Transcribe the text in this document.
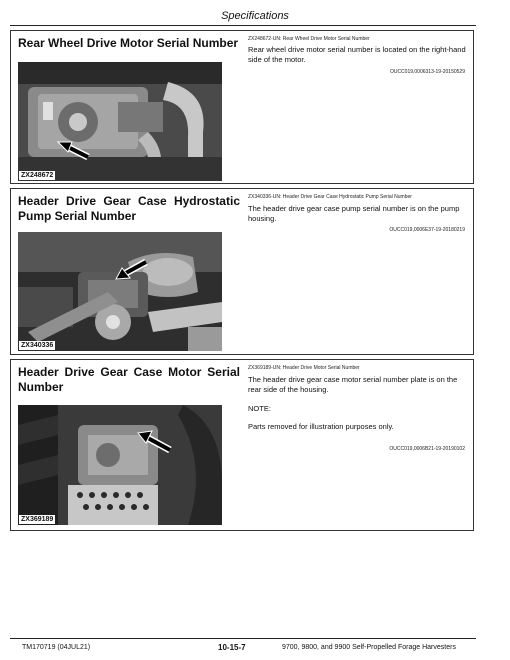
Specifications
Rear Wheel Drive Motor Serial Number
ZX248672
ZX248672-UN: Rear Wheel Drive Motor Serial Number
Rear wheel drive motor serial number is located on the right-hand side of the motor.
OUCC019,0006313-19-20150529
Header Drive Gear Case Hydrostatic Pump Serial Number
ZX340336
ZX340336-UN: Header Drive Gear Case Hydrostatic Pump Serial Number
The header drive gear case pump serial number is on the pump housing.
OUCC019,0006E37-19-20180219
Header Drive Gear Case Motor Serial Number
ZX369189
ZX369189-UN: Header Drive Motor Serial Number
The header drive gear case motor serial number plate is on the rear side of the housing.
NOTE:
Parts removed for illustration purposes only.
OUCC019,0006B21-19-20190102
TM170719 (04JUL21)	10-15-7	9700, 9800, and 9900 Self-Propelled Forage Harvesters
